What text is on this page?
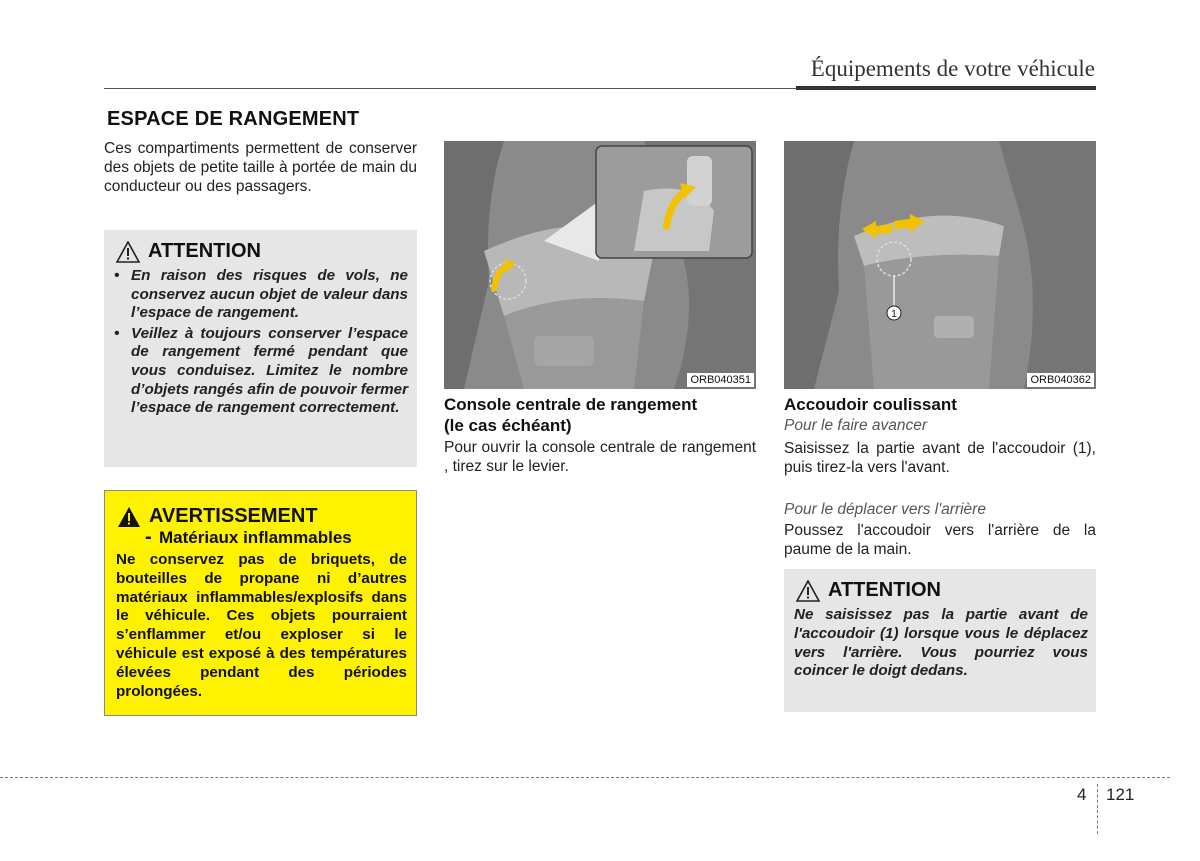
Équipements de votre véhicule
ESPACE DE RANGEMENT
Ces compartiments permettent de conserver des objets de petite taille à portée de main du conducteur ou des passagers.
ATTENTION
• En raison des risques de vols, ne conservez aucun objet de valeur dans l’espace de rangement.
• Veillez à toujours conserver l’espace de rangement fermé pendant que vous conduisez. Limitez le nombre d’objets rangés afin de pouvoir fermer l’espace de rangement correctement.
AVERTISSEMENT
- Matériaux inflammables
Ne conservez pas de briquets, de bouteilles de propane ni d’autres matériaux inflammables/explosifs dans le véhicule. Ces objets pourraient s’enflammer et/ou exploser si le véhicule est exposé à des températures élevées pendant des périodes prolongées.
ORB040351
Console centrale de rangement
(le cas échéant)
Pour ouvrir la console centrale de rangement , tirez sur le levier.
1
ORB040362
Accoudoir coulissant
Pour le faire avancer
Saisissez la partie avant de l'accoudoir (1), puis tirez-la vers l'avant.
Pour le déplacer vers l'arrière
Poussez l'accoudoir vers l'arrière de la paume de la main.
ATTENTION
Ne saisissez pas la partie avant de l'accoudoir (1) lorsque vous le déplacez vers l'arrière. Vous pourriez vous coincer le doigt dedans.
4 121
